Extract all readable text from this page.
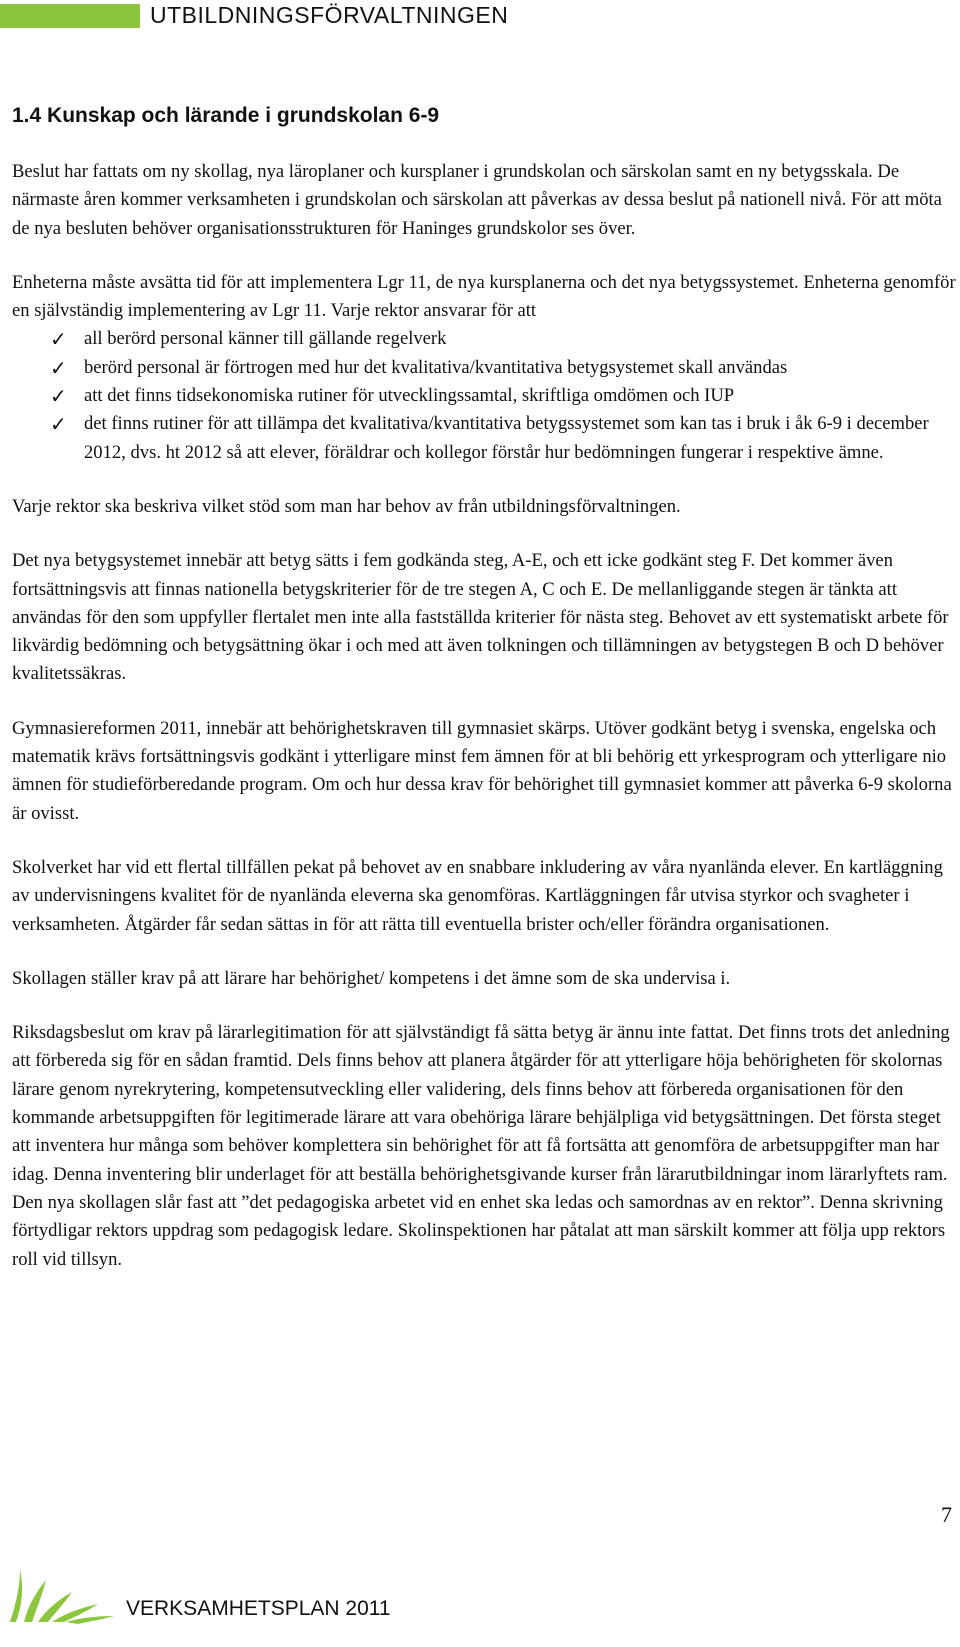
UTBILDNINGSFÖRVALTNINGEN
1.4 Kunskap och lärande i grundskolan 6-9

Beslut har fattats om ny skollag, nya läroplaner och kursplaner i grundskolan och särskolan samt en ny betygsskala. De närmaste åren kommer verksamheten i grundskolan och särskolan att påverkas av dessa beslut på nationell nivå. För att möta de nya besluten behöver organisationsstrukturen för Haninges grundskolor ses över.

Enheterna måste avsätta tid för att implementera Lgr 11, de nya kursplanerna och det nya betygssystemet. Enheterna genomför en självständig implementering av Lgr 11. Varje rektor ansvarar för att

✓ all berörd personal känner till gällande regelverk
✓ berörd personal är förtrogen med hur det kvalitativa/kvantitativa betygsystemet skall användas
✓ att det finns tidsekonomiska rutiner för utvecklingssamtal, skriftliga omdömen och IUP
✓ det finns rutiner för att tillämpa det kvalitativa/kvantitativa betygssystemet som kan tas i bruk i åk 6-9 i december 2012, dvs. ht 2012 så att elever, föräldrar och kollegor förstår hur bedömningen fungerar i respektive ämne.

Varje rektor ska beskriva vilket stöd som man har behov av från utbildningsförvaltningen.

Det nya betygsystemet innebär att betyg sätts i fem godkända steg, A-E, och ett icke godkänt steg F. Det kommer även fortsättningsvis att finnas nationella betygskriterier för de tre stegen A, C och E. De mellanliggande stegen är tänkta att användas för den som uppfyller flertalet men inte alla fastställda kriterier för nästa steg. Behovet av ett systematiskt arbete för likvärdig bedömning och betygsättning ökar i och med att även tolkningen och tillämningen av betygstegen B och D behöver kvalitetssäkras.

Gymnasiereformen 2011, innebär att behörighetskraven till gymnasiet skärps. Utöver godkänt betyg i svenska, engelska och matematik krävs fortsättningsvis godkänt i ytterligare minst fem ämnen för at bli behörig ett yrkesprogram och ytterligare nio ämnen för studieförberedande program. Om och hur dessa krav för behörighet till gymnasiet kommer att påverka 6-9 skolorna är ovisst.

Skolverket har vid ett flertal tillfällen pekat på behovet av en snabbare inkludering av våra nyanlända elever. En kartläggning av undervisningens kvalitet för de nyanlända eleverna ska genomföras. Kartläggningen får utvisa styrkor och svagheter i verksamheten. Åtgärder får sedan sättas in för att rätta till eventuella brister och/eller förändra organisationen.

Skollagen ställer krav på att lärare har behörighet/ kompetens i det ämne som de ska undervisa i.

Riksdagsbeslut om krav på lärarlegitimation för att självständigt få sätta betyg är ännu inte fattat. Det finns trots det anledning att förbereda sig för en sådan framtid. Dels finns behov att planera åtgärder för att ytterligare höja behörigheten för skolornas lärare genom nyrekrytering, kompetensutveckling eller validering, dels finns behov att förbereda organisationen för den kommande arbetsuppgiften för legitimerade lärare att vara obehöriga lärare behjälpliga vid betygsättningen. Det första steget att inventera hur många som behöver komplettera sin behörighet för att få fortsätta att genomföra de arbetsuppgifter man har idag. Denna inventering blir underlaget för att beställa behörighetsgivande kurser från lärarutbildningar inom lärarlyftets ram. Den nya skollagen slår fast att ”det pedagogiska arbetet vid en enhet ska ledas och samordnas av en rektor”. Denna skrivning förtydligar rektors uppdrag som pedagogisk ledare. Skolinspektionen har påtalat att man särskilt kommer att följa upp rektors roll vid tillsyn.

7
VERKSAMHETSPLAN 2011
